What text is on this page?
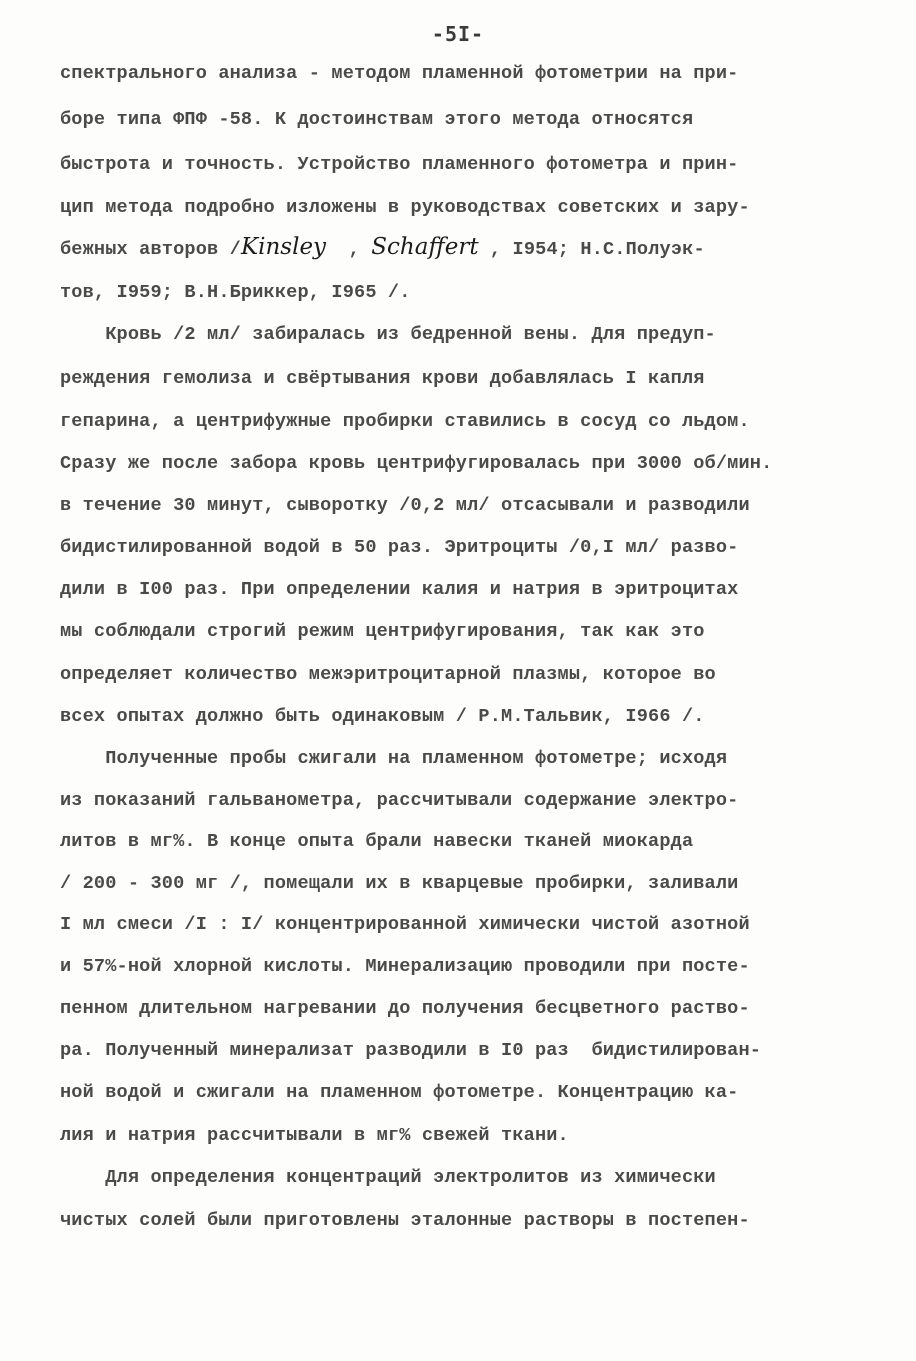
-5I-
спектрального анализа - методом пламенной фотометрии на при-
боре типа ФПФ -58. К достоинствам этого метода относятся
быстрота и точность. Устройство пламенного фотометра и прин-
цип метода подробно изложены в руководствах советских и зару-
бежных авторов /Kinsley  , Schaffert , I954; Н.С.Полуэк-
тов, I959; В.Н.Бриккер, I965 /.
Кровь /2 мл/ забиралась из бедренной вены. Для предуп-
реждения гемолиза и свёртывания крови добавлялась I капля
гепарина, а центрифужные пробирки ставились в сосуд со льдом.
Сразу же после забора кровь центрифугировалась при 3000 об/мин.
в течение 30 минут, сыворотку /0,2 мл/ отсасывали и разводили
бидистилированной водой в 50 раз. Эритроциты /0,I мл/ разво-
дили в I00 раз. При определении калия и натрия в эритроцитах
мы соблюдали строгий режим центрифугирования, так как это
определяет количество межэритроцитарной плазмы, которое во
всех опытах должно быть одинаковым / Р.М.Тальвик, I966 /.
Полученные пробы сжигали на пламенном фотометре; исходя
из показаний гальванометра, рассчитывали содержание электро-
литов в мг%. В конце опыта брали навески тканей миокарда
/ 200 - 300 мг /, помещали их в кварцевые пробирки, заливали
I мл смеси /I : I/ концентрированной химически чистой азотной
и 57%-ной хлорной кислоты. Минерализацию проводили при посте-
пенном длительном нагревании до получения бесцветного раство-
ра. Полученный минерализат разводили в I0 раз  бидистилирован-
ной водой и сжигали на пламенном фотометре. Концентрацию ка-
лия и натрия рассчитывали в мг% свежей ткани.
Для определения концентраций электролитов из химически
чистых солей были приготовлены эталонные растворы в постепен-
